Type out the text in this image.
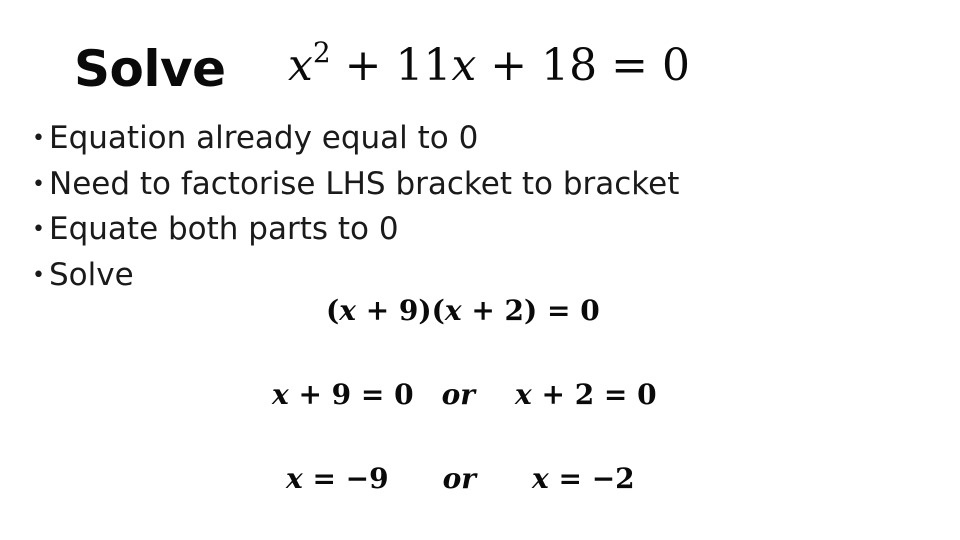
Solve $x^2 + 11x + 18 = 0$
• Equation already equal to 0
• Need to factorise LHS bracket to bracket
• Equate both parts to 0
• Solve
(x + 9)(x + 2) = 0
x + 9 = 0 or x + 2 = 0
x = −9 or x = −2
